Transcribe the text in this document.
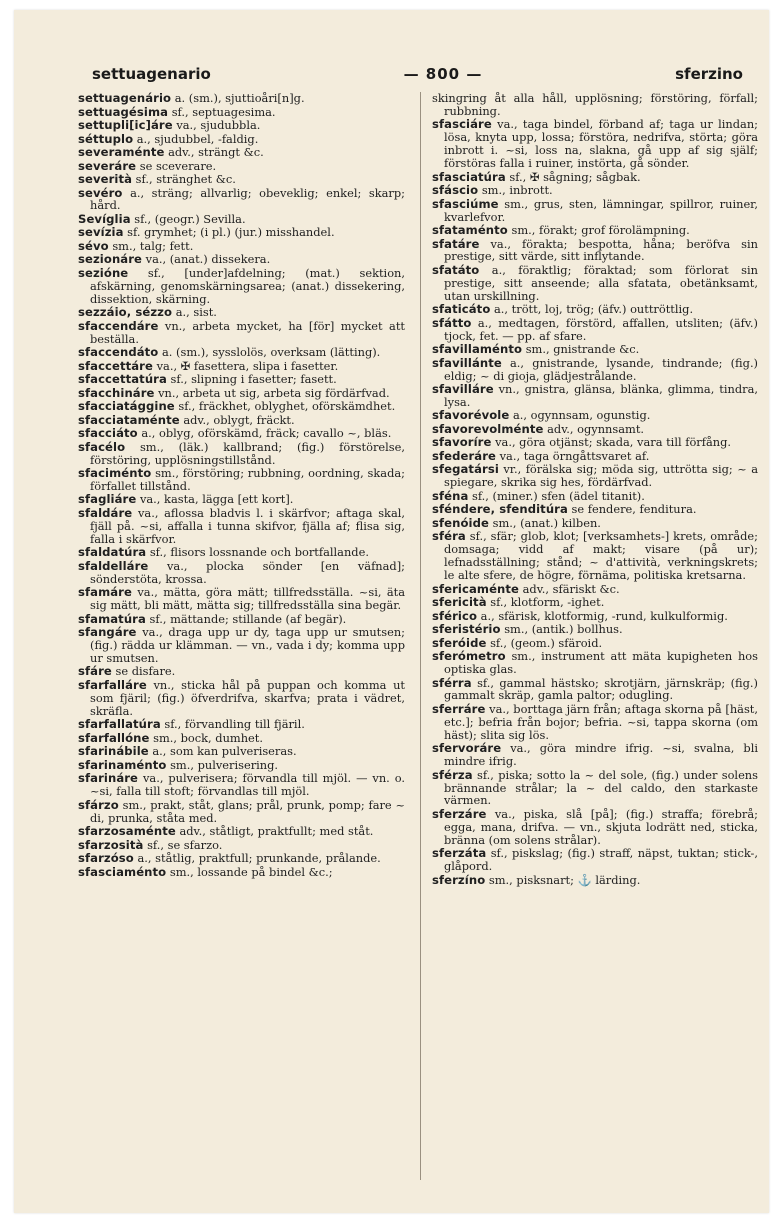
settuagenario	— 800 —	sferzino

settuagenário a. (sm.), sjuttioåri[n]g.

settuagésima sf., septuagesima.

settupli[ic]áre va., sjudubbla.

séttuplo a., sjudubbel, -faldig.

severaménte adv., strängt &c.

severáre se sceverare.

severità sf., stränghet &c.

sevéro a., sträng; allvarlig; obeveklig; enkel; skarp; hård.

Sevíglia sf., (geogr.) Sevilla.

sevízia sf. grymhet; (i pl.) (jur.) misshandel.

sévo sm., talg; fett.

sezionáre va., (anat.) dissekera.

sezióne sf., [under]afdelning; (mat.) sektion, afskärning, genomskärningsarea; (anat.) dissekering, dissektion, skärning.

sezzáio, sézzo a., sist.

sfaccendáre vn., arbeta mycket, ha [för] mycket att beställa.

sfaccendáto a. (sm.), sysslolös, overksam (lätting).

sfaccettáre va., ✠ fasettera, slipa i fasetter.

sfaccettatúra sf., slipning i fasetter; fasett.

sfacchináre vn., arbeta ut sig, arbeta sig fördärfvad.

sfacciatággine sf., fräckhet, oblyghet, oförskämdhet.

sfacciataménte adv., oblygt, fräckt.

sfacciáto a., oblyg, oförskämd, fräck; cavallo ~, bläs.

sfacélo sm., (läk.) kallbrand; (fig.) förstörelse, förstöring, upplösningstillstånd.

sfaciménto sm., förstöring; rubbning, oordning, skada; förfallet tillstånd.

sfagliáre va., kasta, lägga [ett kort].

sfaldáre va., aflossa bladvis l. i skärfvor; aftaga skal, fjäll på. ~si, affalla i tunna skifvor, fjälla af; flisa sig, falla i skärfvor.

sfaldatúra sf., flisors lossnande och bortfallande.

sfaldelláre va., plocka sönder [en väfnad]; sönderstöta, krossa.

sfamáre va., mätta, göra mätt; tillfredsställa. ~si, äta sig mätt, bli mätt, mätta sig; tillfredsställa sina begär.

sfamatúra sf., mättande; stillande (af begär).

sfangáre va., draga upp ur dy, taga upp ur smutsen; (fig.) rädda ur klämman. — vn., vada i dy; komma upp ur smutsen.

sfáre se disfare.

sfarfalláre vn., sticka hål på puppan och komma ut som fjäril; (fig.) öfverdrifva, skarfva; prata i vädret, skräfla.

sfarfallatúra sf., förvandling till fjäril.

sfarfallóne sm., bock, dumhet.

sfarinábile a., som kan pulveriseras.

sfarinaménto sm., pulverisering.

sfarináre va., pulverisera; förvandla till mjöl. — vn. o. ~si, falla till stoft; förvandlas till mjöl.

sfárzo sm., prakt, ståt, glans; prål, prunk, pomp; fare ~ di, prunka, ståta med.

sfarzosaménte adv., ståtligt, praktfullt; med ståt.

sfarzosità sf., se sfarzo.

sfarzóso a., ståtlig, praktfull; prunkande, prålande.

sfasciaménto sm., lossande på bindel &c.;

skingring åt alla håll, upplösning; förstöring, förfall; rubbning.

sfasciáre va., taga bindel, förband af; taga ur lindan; lösa, knyta upp, lossa; förstöra, nedrifva, störta; göra inbrott i. ~si, loss na, slakna, gå upp af sig själf; förstöras falla i ruiner, instörta, gå sönder.

sfasciatúra sf., ✠ sågning; sågbak.

sfáscio sm., inbrott.

sfasciúme sm., grus, sten, lämningar, spillror, ruiner, kvarlefvor.

sfataménto sm., förakt; grof förolämpning.

sfatáre va., förakta; bespotta, håna; beröfva sin prestige, sitt värde, sitt inflytande.

sfatáto a., föraktlig; föraktad; som förlorat sin prestige, sitt anseende; alla sfatata, obetänksamt, utan urskillning.

sfaticáto a., trött, loj, trög; (äfv.) outtröttlig.

sfátto a., medtagen, förstörd, affallen, utsliten; (äfv.) tjock, fet. — pp. af sfare.

sfavillaménto sm., gnistrande &c.

sfavillánte a., gnistrande, lysande, tindrande; (fig.) eldig; ~ di gioja, glädjestrålande.

sfavilláre vn., gnistra, glänsa, blänka, glimma, tindra, lysa.

sfavorévole a., ogynnsam, ogunstig.

sfavorevolménte adv., ogynnsamt.

sfavoríre va., göra otjänst; skada, vara till förfång.

sfederáre va., taga örngåttsvaret af.

sfegatársi vr., förälska sig; möda sig, uttrötta sig; ~ a spiegare, skrika sig hes, fördärfvad.

sféna sf., (miner.) sfen (ädel titanit).

sféndere, sfenditúra se fendere, fenditura.

sfenóide sm., (anat.) kilben.

sféra sf., sfär; glob, klot; [verksamhets-] krets, område; domsaga; vidd af makt; visare (på ur); lefnadsställning; stånd; ~ d'attività, verkningskrets; le alte sfere, de högre, förnäma, politiska kretsarna.

sfericaménte adv., sfäriskt &c.

sfericità sf., klotform, -ighet.

sférico a., sfärisk, klotformig, -rund, kulkulformig.

sferistério sm., (antik.) bollhus.

sferóide sf., (geom.) sfäroid.

sferómetro sm., instrument att mäta kupigheten hos optiska glas.

sférra sf., gammal hästsko; skrotjärn, järnskräp; (fig.) gammalt skräp, gamla paltor; odugling.

sferráre va., borttaga järn från; aftaga skorna på [häst, etc.]; befria från bojor; befria. ~si, tappa skorna (om häst); slita sig lös.

sfervoráre va., göra mindre ifrig. ~si, svalna, bli mindre ifrig.

sférza sf., piska; sotto la ~ del sole, (fig.) under solens brännande strålar; la ~ del caldo, den starkaste värmen.

sferzáre va., piska, slå [på]; (fig.) straffa; förebrå; egga, mana, drifva. — vn., skjuta lodrätt ned, sticka, bränna (om solens strålar).

sferzáta sf., piskslag; (fig.) straff, näpst, tuktan; stick-, glåpord.

sferzíno sm., pisksnart; ⚓ lärding.
